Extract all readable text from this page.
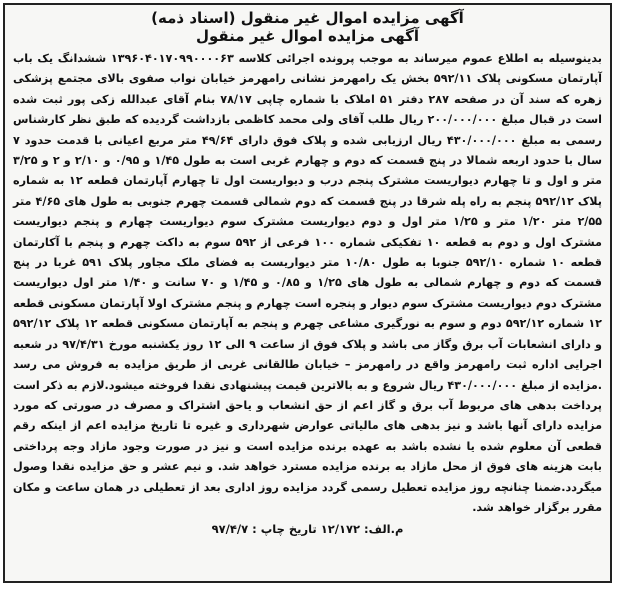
آگهی مزایده اموال غیر منقول (اسناد ذمه)

آگهی مزایده اموال غیر منقول

بدینوسیله به اطلاع عموم میرساند به موجب پرونده اجرائی کلاسه ۱۳۹۶۰۴۰۱۷۰۹۹۰۰۰۰۶۳ ششدانگ یک باب آپارتمان مسکونی پلاک ۵۹۲/۱۱ بخش یک رامهرمز نشانی رامهرمز خیابان نواب صفوی بالای مجتمع پزشکی زهره که سند آن در صفحه ۲۸۷ دفتر ۵۱ املاک با شماره چاپی ۷۸/۱۷ بنام آقای عبدالله زکی پور ثبت شده است در قبال مبلغ ۲۰۰/۰۰۰/۰۰۰ ریال طلب آقای ولی محمد کاظمی بازداشت گردیده که طبق نظر کارشناس رسمی به مبلغ ۴۳۰/۰۰۰/۰۰۰ ریال ارزیابی شده و پلاک فوق دارای ۴۹/۶۴ متر مربع اعیانی با قدمت حدود ۷ سال با حدود اربعه شمالا در پنج قسمت که دوم و چهارم غربی است به طول ۱/۴۵ و ۰/۹۵ و ۲/۱۰ و ۲ و ۳/۲۵ متر و اول و تا چهارم دیواریست مشترک پنجم درب و دیواریست اول تا چهارم آپارتمان قطعه ۱۲ به شماره پلاک ۵۹۲/۱۲ پنجم به راه پله شرقا در پنج قسمت که دوم شمالی قسمت چهرم جنوبی به طول های ۴/۶۵ متر ۲/۵۵ متر ۱/۲۰ متر و ۱/۲۵ متر اول و دوم دیواریست مشترک سوم دیواریست چهارم و پنجم دیواریست مشترک اول و دوم به قطعه ۱۰ تفکیکی شماره ۱۰۰ فرعی از ۵۹۲ سوم به داکت چهرم و پنجم با آکارتمان قطعه ۱۰ شماره ۵۹۲/۱۰ جنوبا به طول ۱۰/۸۰ متر دیواریست به فضای ملک مجاور پلاک ۵۹۱ غربا در پنج قسمت که دوم و چهارم شمالی به طول های ۱/۲۵ و ۰/۸۵ و ۱/۴۵ و ۷۰ سانت و ۱/۴۰ متر اول دیواریست مشترک دوم دیواریست مشترک سوم دیوار و پنجره است چهارم و پنجم مشترک اولا آپارتمان مسکونی قطعه ۱۲ شماره ۵۹۲/۱۲ دوم و سوم به نورگیری مشاعی چهرم و پنجم به آپارتمان مسکونی قطعه ۱۲ پلاک ۵۹۲/۱۲ و دارای انشعابات آب برق وگاز می باشد و پلاک فوق از ساعت ۹ الی ۱۲ روز یکشنبه مورخ ۹۷/۴/۳۱ در شعبه اجرایی اداره ثبت رامهرمز واقع در رامهرمز – خیابان طالقانی غربی از طریق مزایده به فروش می رسد .مزایده از مبلغ ۴۳۰/۰۰۰/۰۰۰ ریال شروع و به بالاترین قیمت پیشنهادی نقدا فروخته میشود.لازم به ذکر است پرداخت بدهی های مربوط آب برق و گاز اعم از حق انشعاب و یاحق اشتراک و مصرف در صورتی که مورد مزایده دارای آنها باشد و نیز بدهی های مالیاتی عوارض شهرداری و غیره تا تاریخ مزایده اعم از اینکه رقم قطعی آن معلوم شده یا نشده باشد به عهده برنده مزایده است و نیز در صورت وجود مازاد وجه پرداختی بابت هزینه های فوق از محل مازاد به برنده مزایده مسترد خواهد شد. و نیم عشر و حق مزایده نقدا وصول میگردد.ضمنا چنانچه روز مزایده تعطیل رسمی گردد مزایده روز اداری بعد از تعطیلی در همان ساعت و مکان مقرر برگزار خواهد شد.

م.الف: ۱۲/۱۷۲ تاریخ چاپ : ۹۷/۴/۷
